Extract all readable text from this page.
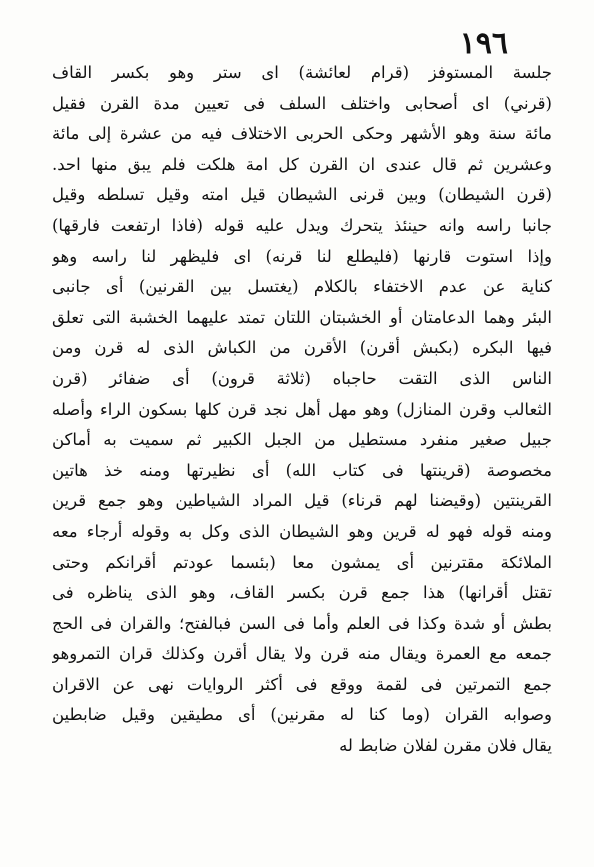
١٩٦
جلسة المستوفز (قرام لعائشة) اى ستر وهو بكسر القاف
(قرني) اى أصحابى واختلف السلف فى تعيين مدة القرن فقيل
مائة سنة وهو الأشهر وحكى الحربى الاختلاف فيه من عشرة إلى مائة
وعشرين ثم قال عندى ان القرن كل امة هلكت فلم يبق منها احد.
(قرن الشيطان) وبين قرنى الشيطان قيل امته وقيل تسلطه وقيل
جانبا راسه وانه حينئذ يتحرك ويدل عليه قوله (فاذا ارتفعت فارقها)
وإذا استوت قارنها (فليطلع لنا قرنه) اى فليظهر لنا راسه وهو
كناية عن عدم الاختفاء بالكلام (يغتسل بين القرنين) أى جانبى
البئر وهما الدعامتان أو الخشبتان اللتان تمتد عليهما الخشبة التى تعلق
فيها البكره (بكبش أقرن) الأقرن من الكباش الذى له قرن ومن
الناس الذى التقت حاجباه (ثلاثة قرون) أى ضفائر (قرن
الثعالب وقرن المنازل) وهو مهل أهل نجد قرن كلها بسكون الراء وأصله
جبيل صغير منفرد مستطيل من الجبل الكبير ثم سميت به أماكن
مخصوصة (قرينتها فى كتاب الله) أى نظيرتها ومنه خذ هاتين
القرينتين (وقيضنا لهم قرناء) قيل المراد الشياطين وهو جمع قرين
ومنه قوله فهو له قرين وهو الشيطان الذى وكل به وقوله أرجاء معه
الملائكة مقترنين أى يمشون معا (بئسما عودتم أقرانكم وحتى
تقتل أقرانها) هذا جمع قرن بكسر القاف، وهو الذى يناظره فى
بطش أو شدة وكذا فى العلم وأما فى السن فبالفتح؛ والقران فى الحج
جمعه مع العمرة ويقال منه قرن ولا يقال أقرن وكذلك قران التمروهو
جمع التمرتين فى لقمة ووقع فى أكثر الروايات نهى عن الاقران
وصوابه القران (وما كنا له مقرنين) أى مطيقين وقيل ضابطين
يقال فلان مقرن لفلان ضابط له
